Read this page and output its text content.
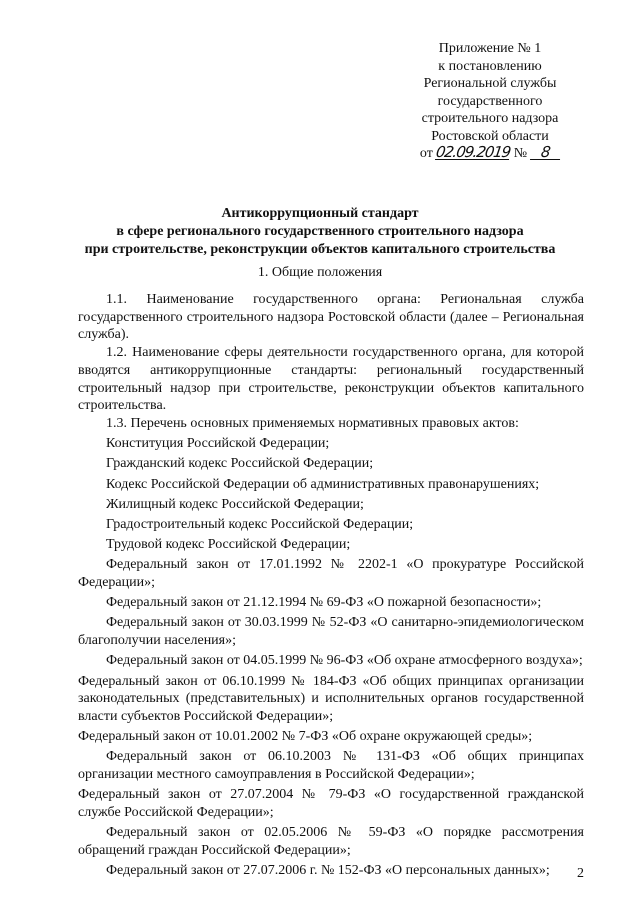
Приложение № 1
к постановлению
Региональной службы
государственного
строительного надзора
Ростовской области
от 02.09.2019 № 8
Антикоррупционный стандарт
в сфере регионального государственного строительного надзора
при строительстве, реконструкции объектов капитального строительства
1. Общие положения

1.1. Наименование государственного органа: Региональная служба государственного строительного надзора Ростовской области (далее – Региональная служба).

1.2. Наименование сферы деятельности государственного органа, для которой вводятся антикоррупционные стандарты: региональный государственный строительный надзор при строительстве, реконструкции объектов капитального строительства.

1.3. Перечень основных применяемых нормативных правовых актов:

Конституция Российской Федерации;

Гражданский кодекс Российской Федерации;

Кодекс Российской Федерации об административных правонарушениях;

Жилищный кодекс Российской Федерации;

Градостроительный кодекс Российской Федерации;

Трудовой кодекс Российской Федерации;

Федеральный закон от 17.01.1992 № 2202-1 «О прокуратуре Российской Федерации»;

Федеральный закон от 21.12.1994 № 69-ФЗ «О пожарной безопасности»;

Федеральный закон от 30.03.1999 № 52-ФЗ «О санитарно-эпидемиологическом благополучии населения»;

Федеральный закон от 04.05.1999 № 96-ФЗ «Об охране атмосферного воздуха»;

Федеральный закон от 06.10.1999 № 184-ФЗ «Об общих принципах организации законодательных (представительных) и исполнительных органов государственной власти субъектов Российской Федерации»;

Федеральный закон от 10.01.2002 № 7-ФЗ «Об охране окружающей среды»;

Федеральный закон от 06.10.2003 № 131-ФЗ «Об общих принципах организации местного самоуправления в Российской Федерации»;

Федеральный закон от 27.07.2004 № 79-ФЗ «О государственной гражданской службе Российской Федерации»;

Федеральный закон от 02.05.2006 № 59-ФЗ «О порядке рассмотрения обращений граждан Российской Федерации»;

Федеральный закон от 27.07.2006 г. № 152-ФЗ «О персональных данных»;	2
